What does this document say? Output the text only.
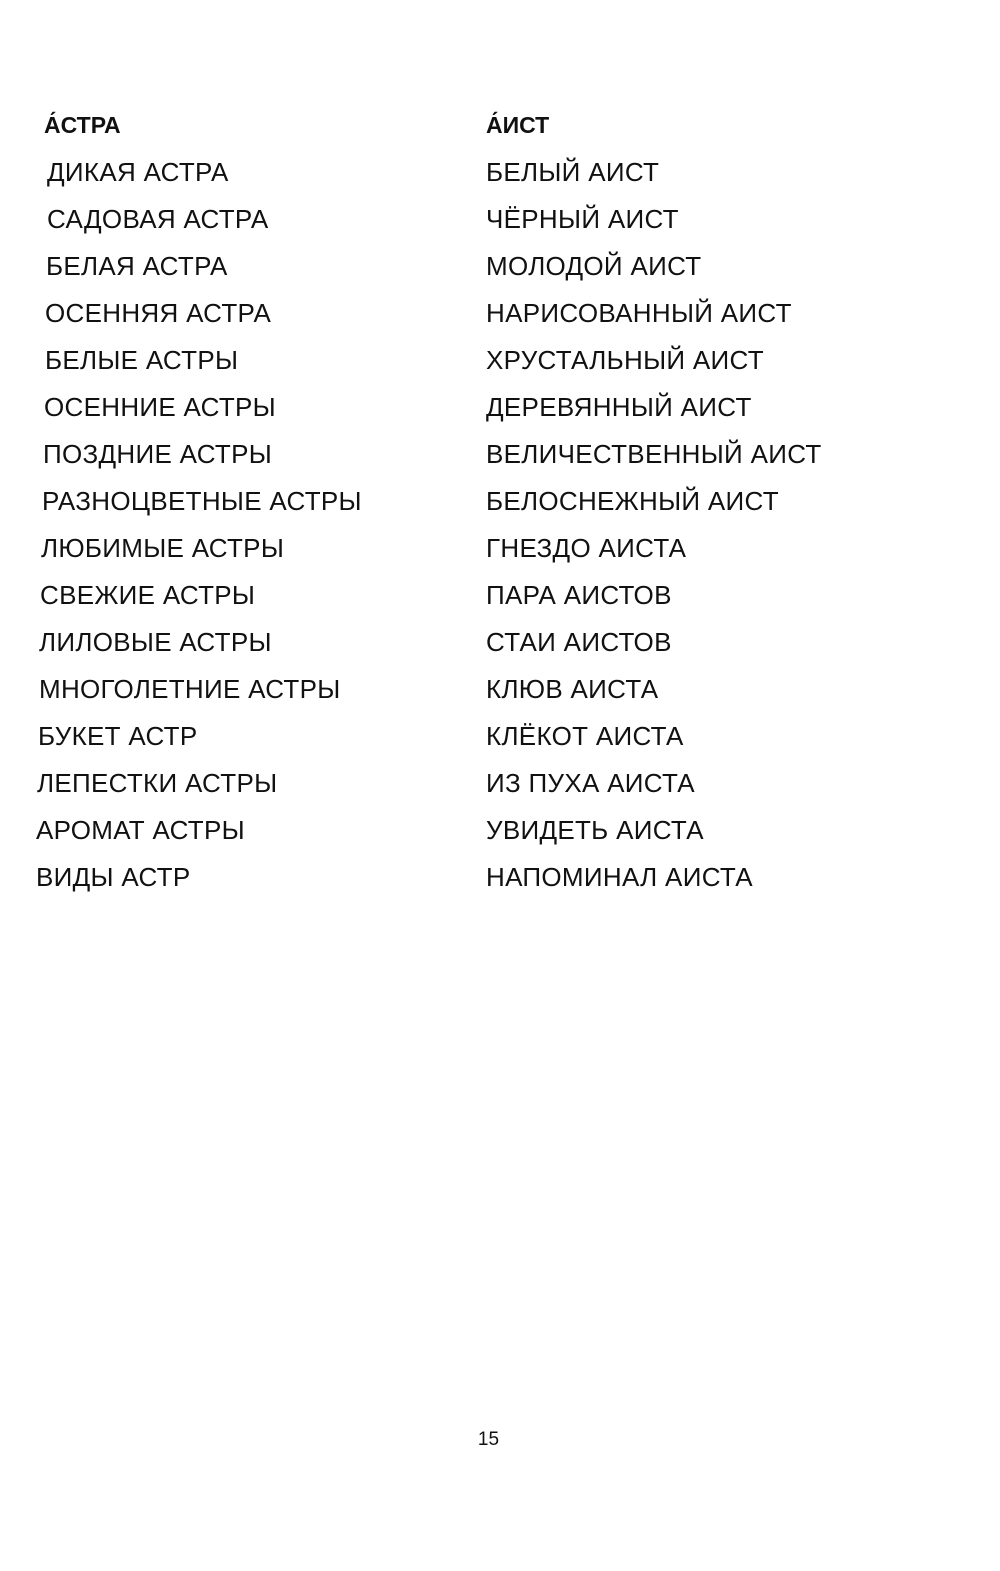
А́СТРА
ДИКАЯ АСТРА
САДОВАЯ АСТРА
БЕЛАЯ АСТРА
ОСЕННЯЯ АСТРА
БЕЛЫЕ АСТРЫ
ОСЕННИЕ АСТРЫ
ПОЗДНИЕ АСТРЫ
РАЗНОЦВЕТНЫЕ АСТРЫ
ЛЮБИМЫЕ АСТРЫ
СВЕЖИЕ АСТРЫ
ЛИЛОВЫЕ АСТРЫ
МНОГОЛЕТНИЕ АСТРЫ
БУКЕТ АСТР
ЛЕПЕСТКИ АСТРЫ
АРОМАТ АСТРЫ
ВИДЫ АСТР
А́ИСТ
БЕЛЫЙ АИСТ
ЧЁРНЫЙ АИСТ
МОЛОДОЙ АИСТ
НАРИСОВАННЫЙ АИСТ
ХРУСТАЛЬНЫЙ АИСТ
ДЕРЕВЯННЫЙ АИСТ
ВЕЛИЧЕСТВЕННЫЙ АИСТ
БЕЛОСНЕЖНЫЙ АИСТ
ГНЕЗДО АИСТА
ПАРА АИСТОВ
СТАИ АИСТОВ
КЛЮВ АИСТА
КЛЁКОТ АИСТА
ИЗ ПУХА АИСТА
УВИДЕТЬ АИСТА
НАПОМИНАЛ АИСТА
15
